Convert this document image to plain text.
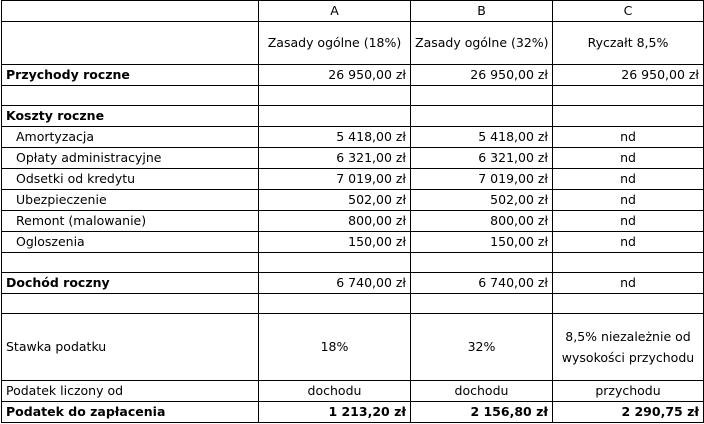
	A	B	C
	Zasady ogólne (18%)	Zasady ogólne (32%)	Ryczałt 8,5%
Przychody roczne	26 950,00 zł	26 950,00 zł	26 950,00 zł

Koszty roczne			
Amortyzacja	5 418,00 zł	5 418,00 zł	nd
Opłaty administracyjne	6 321,00 zł	6 321,00 zł	nd
Odsetki od kredytu	7 019,00 zł	7 019,00 zł	nd
Ubezpieczenie	502,00 zł	502,00 zł	nd
Remont (malowanie)	800,00 zł	800,00 zł	nd
Ogloszenia	150,00 zł	150,00 zł	nd

Dochód roczny	6 740,00 zł	6 740,00 zł	nd

Stawka podatku	18%	32%	8,5% niezależnie od wysokości przychodu
Podatek liczony od	dochodu	dochodu	przychodu
Podatek do zapłacenia	1 213,20 zł	2 156,80 zł	2 290,75 zł
